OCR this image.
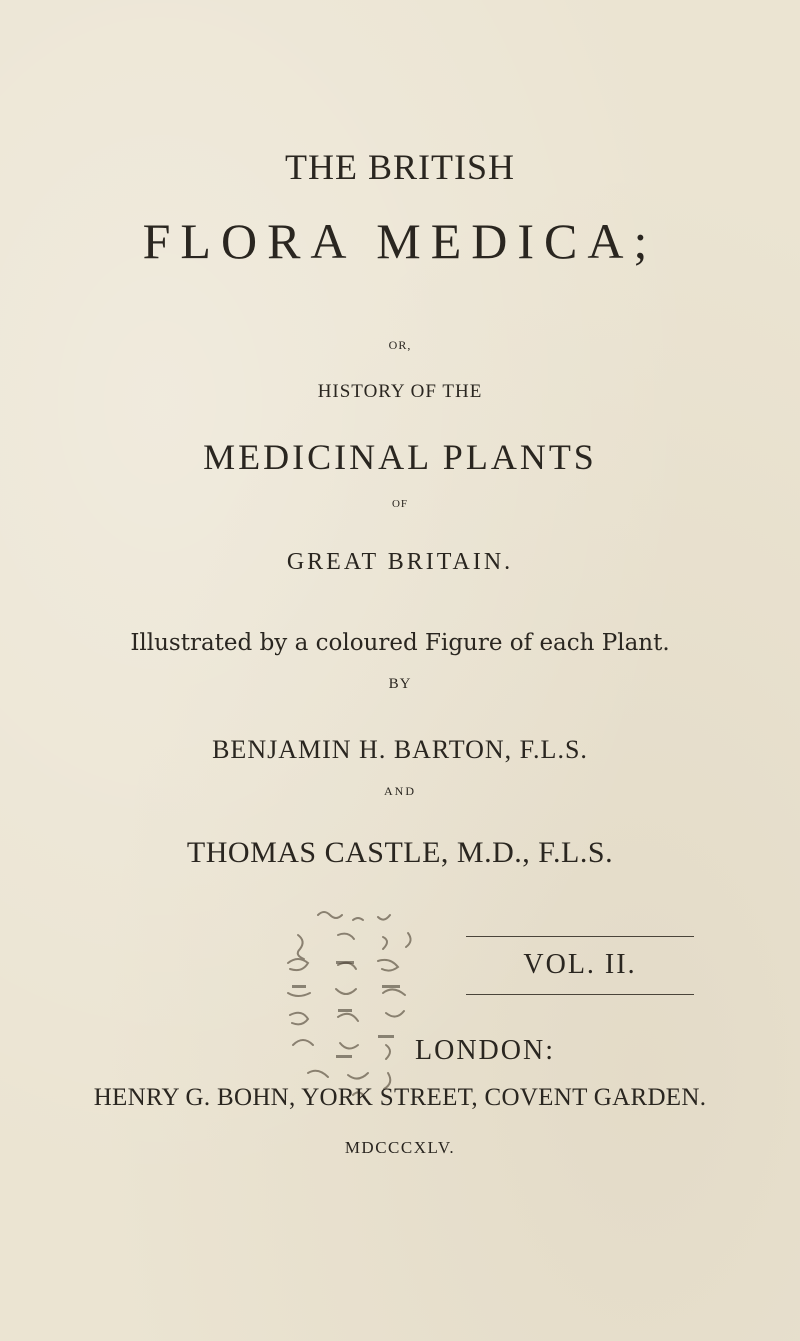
THE BRITISH
FLORA MEDICA;
OR,
HISTORY OF THE
MEDICINAL PLANTS
OF
GREAT BRITAIN.
Illustrated by a coloured Figure of each Plant.
BY
BENJAMIN H. BARTON, F.L.S.
AND
THOMAS CASTLE, M.D., F.L.S.
VOL. II.
LONDON:
HENRY G. BOHN, YORK STREET, COVENT GARDEN.
MDCCCXLV.
